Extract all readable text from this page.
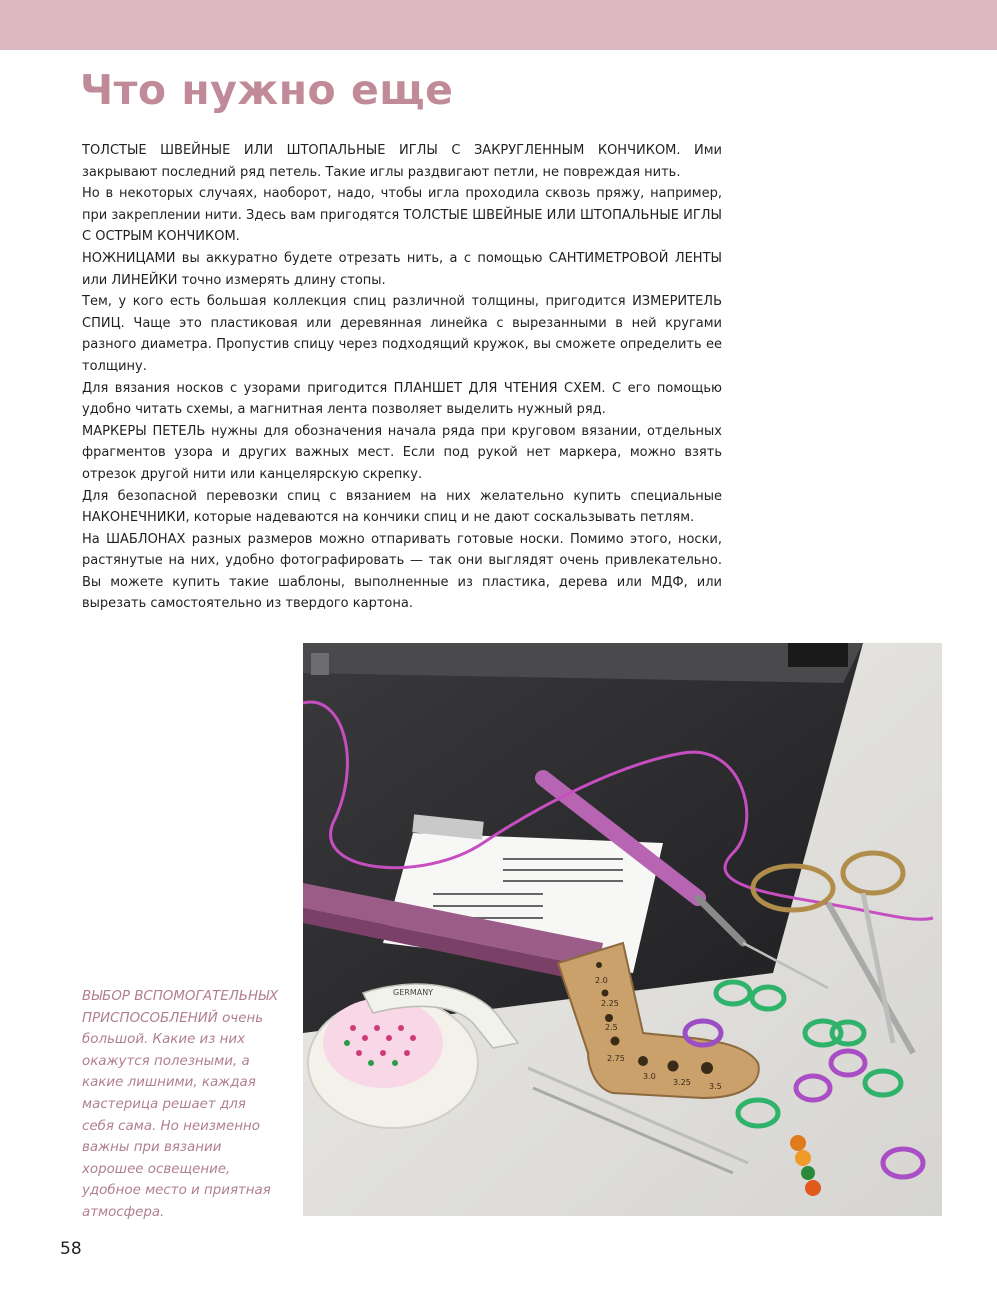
Что нужно еще

ТОЛСТЫЕ ШВЕЙНЫЕ ИЛИ ШТОПАЛЬНЫЕ ИГЛЫ С ЗАКРУГЛЕННЫМ КОНЧИКОМ. Ими закрывают последний ряд петель. Такие иглы раздвигают петли, не повреждая нить.

Но в некоторых случаях, наоборот, надо, чтобы игла проходила сквозь пряжу, например, при закреплении нити. Здесь вам пригодятся ТОЛСТЫЕ ШВЕЙНЫЕ ИЛИ ШТОПАЛЬНЫЕ ИГЛЫ С ОСТРЫМ КОНЧИКОМ.

НОЖНИЦАМИ вы аккуратно будете отрезать нить, а с помощью САНТИМЕТРОВОЙ ЛЕНТЫ или ЛИНЕЙКИ точно измерять длину стопы.

Тем, у кого есть большая коллекция спиц различной толщины, пригодится ИЗМЕРИТЕЛЬ СПИЦ. Чаще это пластиковая или деревянная линейка с вырезанными в ней кругами разного диаметра. Пропустив спицу через подходящий кружок, вы сможете определить ее толщину.

Для вязания носков с узорами пригодится ПЛАНШЕТ ДЛЯ ЧТЕНИЯ СХЕМ. С его помощью удобно читать схемы, а магнитная лента позволяет выделить нужный ряд.

МАРКЕРЫ ПЕТЕЛЬ нужны для обозначения начала ряда при круговом вязании, отдельных фрагментов узора и других важных мест. Если под рукой нет маркера, можно взять отрезок другой нити или канцелярскую скрепку.

Для безопасной перевозки спиц с вязанием на них желательно купить специальные НАКОНЕЧНИКИ, которые надеваются на кончики спиц и не дают соскальзывать петлям.

На ШАБЛОНАХ разных размеров можно отпаривать готовые носки. Помимо этого, носки, растянутые на них, удобно фотографировать — так они выглядят очень привлекательно. Вы можете купить такие шаблоны, выполненные из пластика, дерева или МДФ, или вырезать самостоятельно из твердого картона.

2.0
2.25
2.5
2.75
3.0
3.25 3.5
GERMANY
ВЫБОР ВСПОМОГАТЕЛЬНЫХ ПРИСПОСОБЛЕНИЙ очень большой. Какие из них окажутся полезными, а какие лишними, каждая мастерица решает для себя сама. Но неизменно важны при вязании хорошее освещение, удобное место и приятная атмосфера.
58
